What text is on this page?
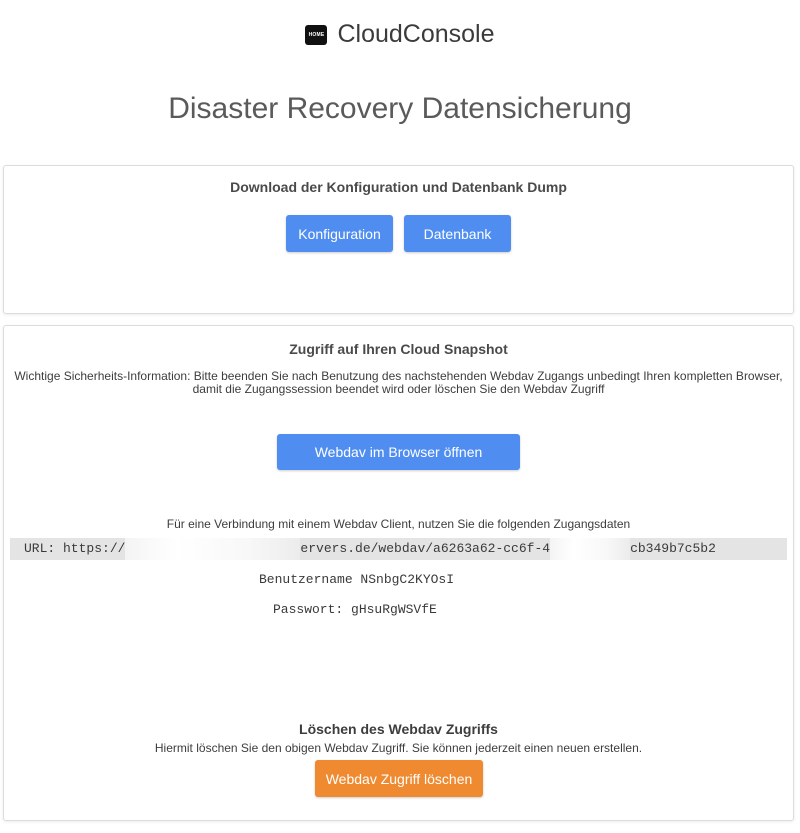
HOME CloudConsole
Disaster Recovery Datensicherung
Download der Konfiguration und Datenbank Dump
Konfiguration	Datenbank
Zugriff auf Ihren Cloud Snapshot
Wichtige Sicherheits-Information: Bitte beenden Sie nach Benutzung des nachstehenden Webdav Zugangs unbedingt Ihren kompletten Browser,
damit die Zugangssession beendet wird oder löschen Sie den Webdav Zugriff
Webdav im Browser öffnen
Für eine Verbindung mit einem Webdav Client, nutzen Sie die folgenden Zugangsdaten
URL: https://	ervers.de/webdav/a6263a62-cc6f-4	cb349b7c5b2
Benutzername NSnbgC2KYOsI
Passwort: gHsuRgWSVfE
Löschen des Webdav Zugriffs
Hiermit löschen Sie den obigen Webdav Zugriff. Sie können jederzeit einen neuen erstellen.
Webdav Zugriff löschen
